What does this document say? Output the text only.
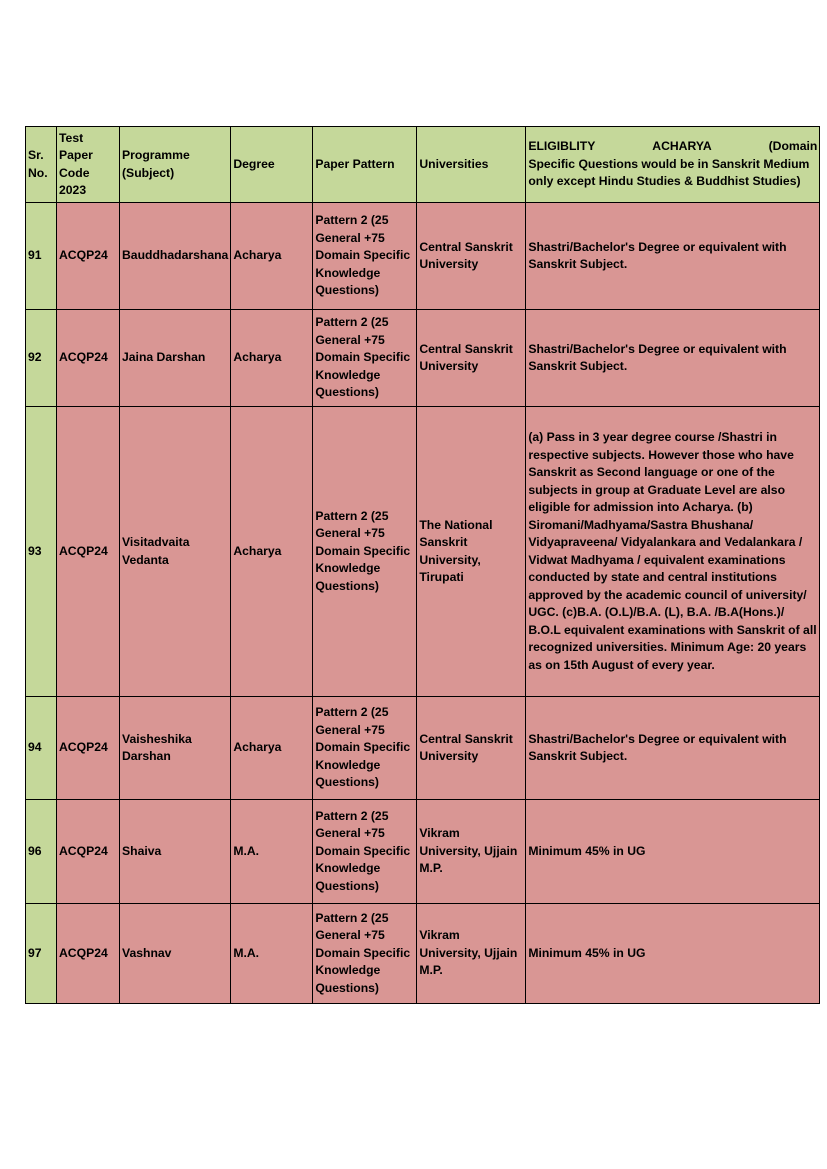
Sr. No.	Test Paper Code 2023	Programme (Subject)	Degree	Paper Pattern	Universities	ELIGIBLITY ACHARYA (Domain
Specific Questions would be in Sanskrit Medium only except Hindu Studies & Buddhist Studies)

91	ACQP24	Bauddhadarshana	Acharya	Pattern 2 (25 General +75 Domain Specific Knowledge Questions)	Central Sanskrit University	Shastri/Bachelor's Degree or equivalent with Sanskrit Subject.
92	ACQP24	Jaina Darshan	Acharya	Pattern 2 (25 General +75 Domain Specific Knowledge Questions)	Central Sanskrit University	Shastri/Bachelor's Degree or equivalent with Sanskrit Subject.
93	ACQP24	Visitadvaita Vedanta	Acharya	Pattern 2 (25 General +75 Domain Specific Knowledge Questions)	The National Sanskrit University, Tirupati	(a) Pass in 3 year degree course /Shastri in respective subjects. However those who have Sanskrit as Second language or one of the subjects in group at Graduate Level are also eligible for admission into Acharya. (b) Siromani/Madhyama/Sastra Bhushana/ Vidyapraveena/ Vidyalankara and Vedalankara / Vidwat Madhyama / equivalent examinations conducted by state and central institutions approved by the academic council of university/ UGC. (c)B.A. (O.L)/B.A. (L), B.A. /B.A(Hons.)/ B.O.L equivalent examinations with Sanskrit of all recognized universities. Minimum Age: 20 years as on 15th August of every year.
94	ACQP24	Vaisheshika Darshan	Acharya	Pattern 2 (25 General +75 Domain Specific Knowledge Questions)	Central Sanskrit University	Shastri/Bachelor's Degree or equivalent with Sanskrit Subject.
96	ACQP24	Shaiva	M.A.	Pattern 2 (25 General +75 Domain Specific Knowledge Questions)	Vikram University, Ujjain M.P.	Minimum 45% in UG
97	ACQP24	Vashnav	M.A.	Pattern 2 (25 General +75 Domain Specific Knowledge Questions)	Vikram University, Ujjain M.P.	Minimum 45% in UG
